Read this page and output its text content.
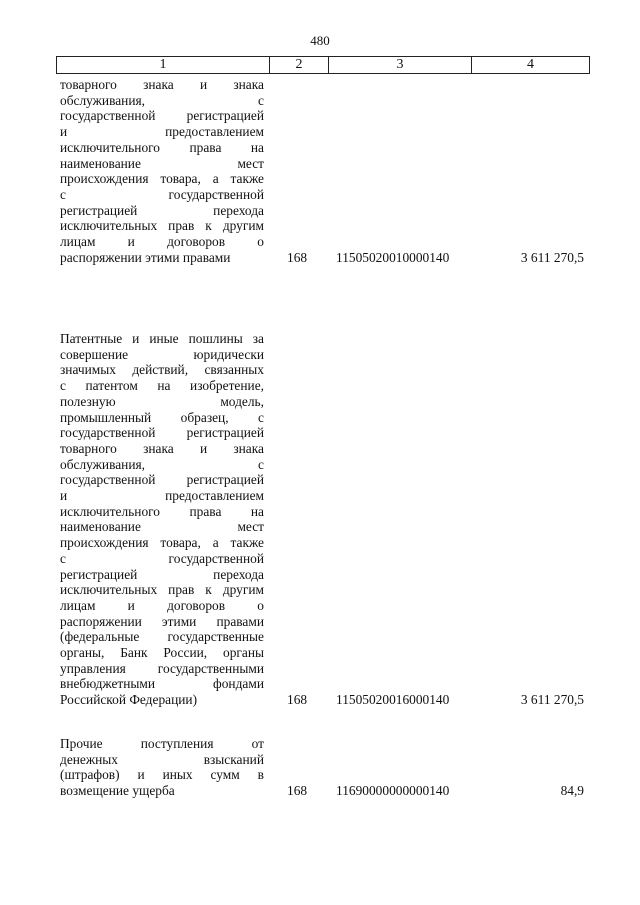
480
1	2	3	4
товарного знака и знака
обслуживания, с
государственной регистрацией
и предоставлением
исключительного права на
наименование мест
происхождения товара, а также
с государственной
регистрацией перехода
исключительных прав к другим
лицам и договоров о
распоряжении этими правами	168 11505020010000140	3 611 270,5
Патентные и иные пошлины за
совершение юридически
значимых действий, связанных
с патентом на изобретение,
полезную модель,
промышленный образец, с
государственной регистрацией
товарного знака и знака
обслуживания, с
государственной регистрацией
и предоставлением
исключительного права на
наименование мест
происхождения товара, а также
с государственной
регистрацией перехода
исключительных прав к другим
лицам и договоров о
распоряжении этими правами
(федеральные государственные
органы, Банк России, органы
управления государственными
внебюджетными фондами
Российской Федерации)	168 11505020016000140	3 611 270,5
Прочие поступления от
денежных взысканий
(штрафов) и иных сумм в
возмещение ущерба	168 11690000000000140	84,9
